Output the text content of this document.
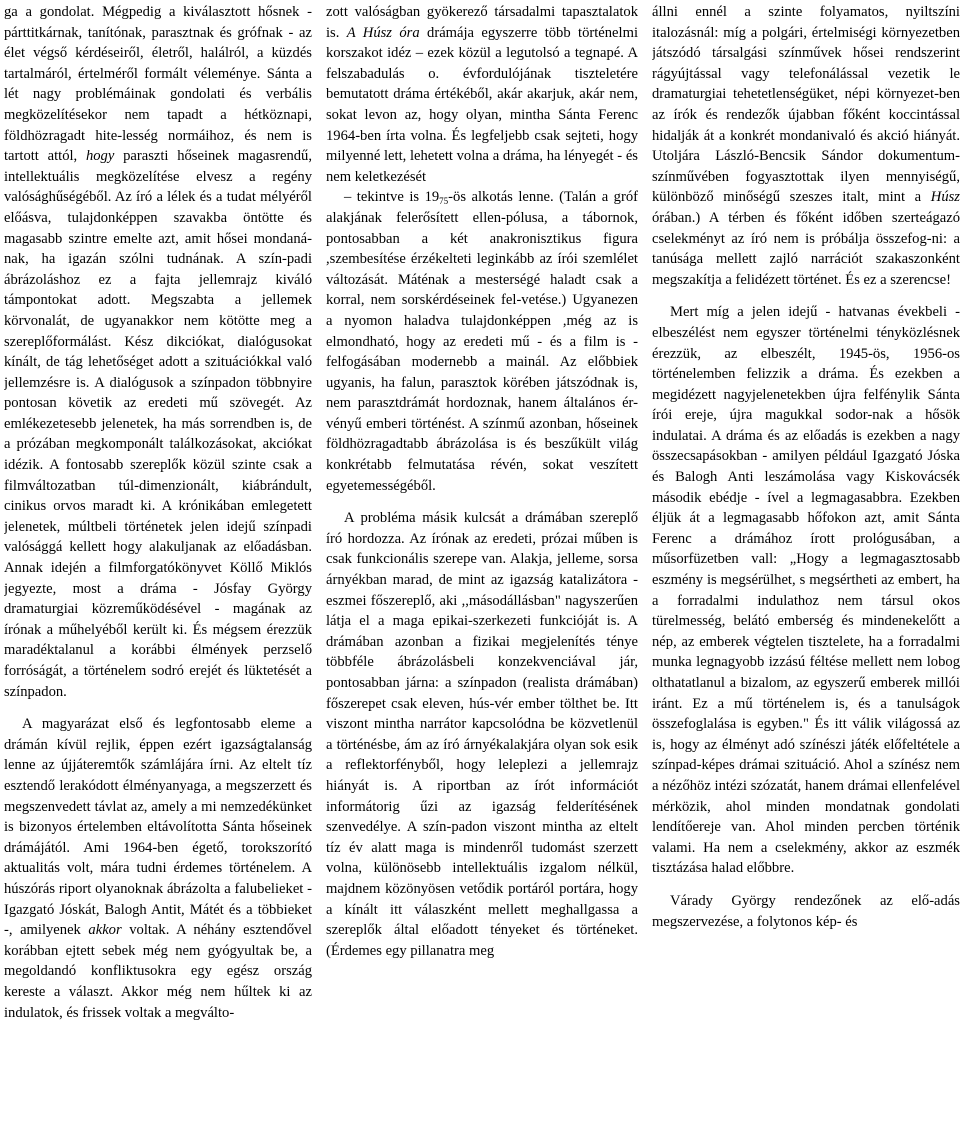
ga a gondolat. Mégpedig a kiválasztott hősnek - párttitkárnak, tanítónak, parasztnak és grófnak - az élet végső kérdéseiről, életről, halálról, a küzdés tartalmáról, értelméről formált véleménye. Sánta a lét nagy problémáinak gondolati és verbális megközelítésekor nem tapadt a hétköznapi, földhözragadt hite-lesség normáihoz, és nem is tartott attól, hogy paraszti hőseinek magasrendű, intellektuális megközelítése elvesz a regény valósághűségéből. Az író a lélek és a tudat mélyéről előásva, tulajdonképpen szavakba öntötte és magasabb szintre emelte azt, amit hősei mondaná-nak, ha igazán szólni tudnának. A szín-padi ábrázoláshoz ez a fajta jellemrajz kiváló támpontokat adott. Megszabta a jellemek körvonalát, de ugyanakkor nem kötötte meg a szereplőformálást. Kész dikciókat, dialógusokat kínált, de tág lehetőséget adott a szituációkkal való jellemzésre is. A dialógusok a színpadon többnyire pontosan követik az eredeti mű szövegét. Az emlékezetesebb jelenetek, ha más sorrendben is, de a prózában megkomponált találkozásokat, akciókat idézik. A fontosabb szereplők közül szinte csak a filmváltozatban túl-dimenzionált, kiábrándult, cinikus orvos maradt ki. A krónikában emlegetett jelenetek, múltbeli történetek jelen idejű színpadi valósággá kellett hogy alakuljanak az előadásban. Annak idején a filmforgatókönyvet Köllő Miklós jegyezte, most a dráma - Jósfay György dramaturgiai közreműködésével - magának az írónak a műhelyéből került ki. És mégsem érezzük maradéktalanul a korábbi élmények perzselő forróságát, a történelem sodró erejét és lüktetését a színpadon.

A magyarázat első és legfontosabb eleme a drámán kívül rejlik, éppen ezért igazságtalanság lenne az újjáteremtők számlájára írni. Az eltelt tíz esztendő lerakódott élményanyaga, a megszerzett és megszenvedett távlat az, amely a mi nemzedékünket is bizonyos értelemben eltávolította Sánta hőseinek drámájától. Ami 1964-ben égető, torokszorító aktualitás volt, mára tudni érdemes történelem. A húszórás riport olyanoknak ábrázolta a falubelieket - Igazgató Jóskát, Balogh Antit, Mátét és a többieket -, amilyenek akkor voltak. A néhány esztendővel korábban ejtett sebek még nem gyógyultak be, a megoldandó konfliktusokra egy egész ország kereste a választ. Akkor még nem hűltek ki az indulatok, és frissek voltak a megválto-

zott valóságban gyökerező társadalmi tapasztalatok is. A Húsz óra drámája egyszerre több történelmi korszakot idéz – ezek közül a legutolsó a tegnapé. A felszabadulás o. évfordulójának tiszteletére bemutatott dráma értékéből, akár akarjuk, akár nem, sokat levon az, hogy olyan, mintha Sánta Ferenc 1964-ben írta volna. És legfeljebb csak sejteti, hogy milyenné lett, lehetett volna a dráma, ha lényegét - és nem keletkezését

– tekintve is $19_{75}-ös$ alkotás lenne. (Talán a gróf alakjának felerősített ellen-pólusa, a tábornok, pontosabban a két anakronisztikus figura ,szembesítése érzékelteti leginkább az írói szemlélet változását. Máténak a mesterségé haladt csak a korral, nem sorskérdéseinek fel-vetése.) Ugyanezen a nyomon haladva tulajdonképpen ,még az is elmondható, hogy az eredeti mű - és a film is - felfogásában modernebb a mainál. Az előbbiek ugyanis, ha falun, parasztok körében játszódnak is, nem parasztdrámát hordoznak, hanem általános ér-vényű emberi történést. A színmű azonban, hőseinek földhözragadtabb ábrázolása is és beszűkült világ konkrétabb felmutatása révén, sokat veszített egyetemességéből.

A probléma másik kulcsát a drámában szereplő író hordozza. Az írónak az eredeti, prózai műben is csak funkcionális szerepe van. Alakja, jelleme, sorsa árnyékban marad, de mint az igazság katalizátora - eszmei főszereplő, aki ,,másodállásban" nagyszerűen látja el a maga epikai-szerkezeti funkcióját is. A drámában azonban a fizikai megjelenítés ténye többféle ábrázolásbeli konzekvenciával jár, pontosabban járna: a színpadon (realista drámában) főszerepet csak eleven, hús-vér ember tölthet be. Itt viszont mintha narrátor kapcsolódna be közvetlenül a történésbe, ám az író árnyékalakjára olyan sok esik a reflektorfényből, hogy leleplezi a jellemrajz hiányát is. A riportban az írót információt informátorig űzi az igazság felderítésének szenvedélye. A szín-padon viszont mintha az eltelt tíz év alatt maga is mindenről tudomást szerzett volna, különösebb intellektuális izgalom nélkül, majdnem közönyösen vetődik portáról portára, hogy a kínált itt válaszként mellett meghallgassa a szereplők által előadott tényeket és történeket. (Érdemes egy pillanatra meg

állni ennél a szinte folyamatos, nyiltszíni italozásnál: míg a polgári, értelmiségi környezetben játszódó társalgási színművek hősei rendszerint rágyújtással vagy telefonálással vezetik le dramaturgiai tehetetlenségüket, népi környezet-ben az írók és rendezők újabban főként koccintással hidalják át a konkrét mondanivaló és akció hiányát. Utoljára László-Bencsik Sándor dokumentum-színművében fogyasztottak ilyen mennyiségű, különböző minőségű szeszes italt, mint a Húsz órában.) A térben és főként időben szerteágazó cselekményt az író nem is próbálja összefog-ni: a tanúsága mellett zajló narrációt szakaszonként megszakítja a felidézett történet. És ez a szerencse!

Mert míg a jelen idejű - hatvanas évekbeli - elbeszélést nem egyszer történelmi tényközlésnek érezzük, az elbeszélt, 1945-ös, 1956-os történelemben felizzik a dráma. És ezekben a megidézett nagyjelenetekben újra felfénylik Sánta írói ereje, újra magukkal sodor-nak a hősök indulatai. A dráma és az előadás is ezekben a nagy összecsapásokban - amilyen például Igazgató Jóska és Balogh Anti leszámolása vagy Kiskovácsék második ebédje - ível a legmagasabbra. Ezekben éljük át a legmagasabb hőfokon azt, amit Sánta Ferenc a drámához írott prológusában, a műsorfüzetben vall: „Hogy a legmagasztosabb eszmény is megsérülhet, s megsértheti az embert, ha a forradalmi indulathoz nem társul okos türelmesség, belátó emberség és mindenekelőtt a nép, az emberek végtelen tisztelete, ha a forradalmi munka legnagyobb izzású féltése mellett nem lobog olthatatlanul a bizalom, az egyszerű emberek millói iránt. Ez a mű történelem is, és a tanulságok összefoglalása is egyben." És itt válik világossá az is, hogy az élményt adó színészi játék előfeltétele a színpad-képes drámai szituáció. Ahol a színész nem a nézőhöz intézi szózatát, hanem drámai ellenfelével mérközik, ahol minden mondatnak gondolati lendítőereje van. Ahol minden percben történik valami. Ha nem a cselekmény, akkor az eszmék tisztázása halad előbbre.

Várady György rendezőnek az elő-adás megszervezése, a folytonos kép- és
